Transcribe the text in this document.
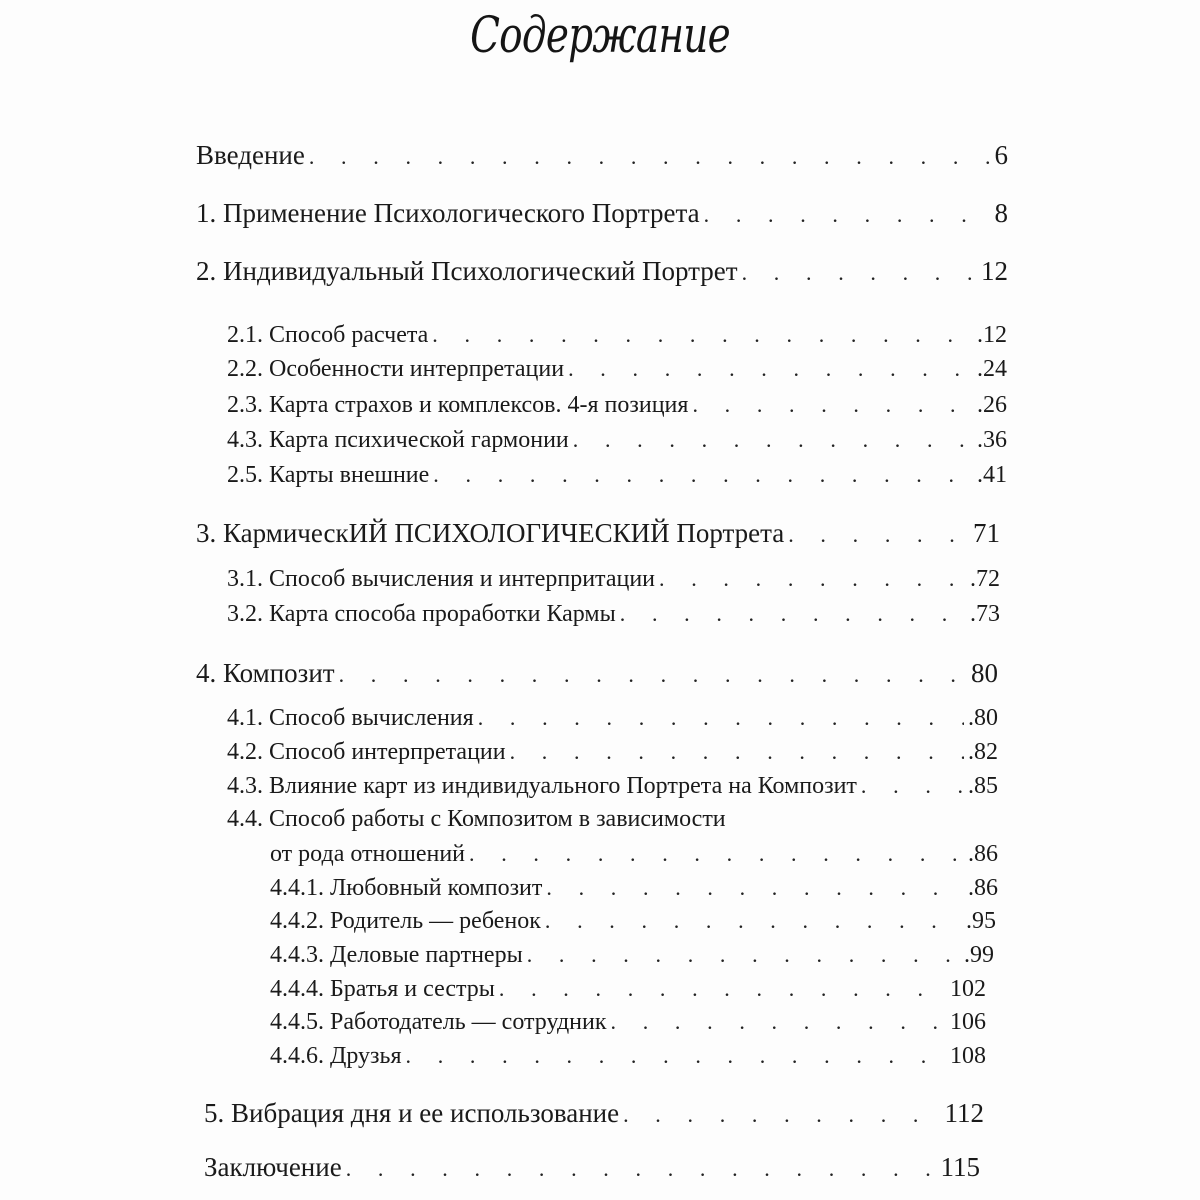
Содержание
Введение . . .	6
1. Применение Психологического Портрета . . .	8
2. Индивидуальный Психологический Портрет . . .	12
2.1. Способ расчета . . .	.12
2.2. Особенности интерпретации . . .	.24
2.3. Карта страхов и комплексов. 4-я позиция . . .	.26
4.3. Карта психической гармонии . . .	.36
2.5. Карты внешние . . .	.41
3. КармическИЙ ПСИХОЛОГИЧЕСКИЙ Портрета . . .	71
3.1. Способ вычисления и интерпритации . . .	.72
3.2. Карта способа проработки Кармы . . .	.73
4. Композит . . .	80
4.1. Способ вычисления . . .	.80
4.2. Способ интерпретации . . .	.82
4.3. Влияние карт из индивидуального Портрета на Композит . . .	.85
4.4. Способ работы с Композитом в зависимости
от рода отношений . . .	.86
4.4.1. Любовный композит . . .	.86
4.4.2. Родитель — ребенок . . .	.95
4.4.3. Деловые партнеры . . .	.99
4.4.4. Братья и сестры . . .	102
4.4.5. Работодатель — сотрудник . . .	106
4.4.6. Друзья . . .	108
5. Вибрация дня и ее использование . . .	112
Заключение . . .	115
